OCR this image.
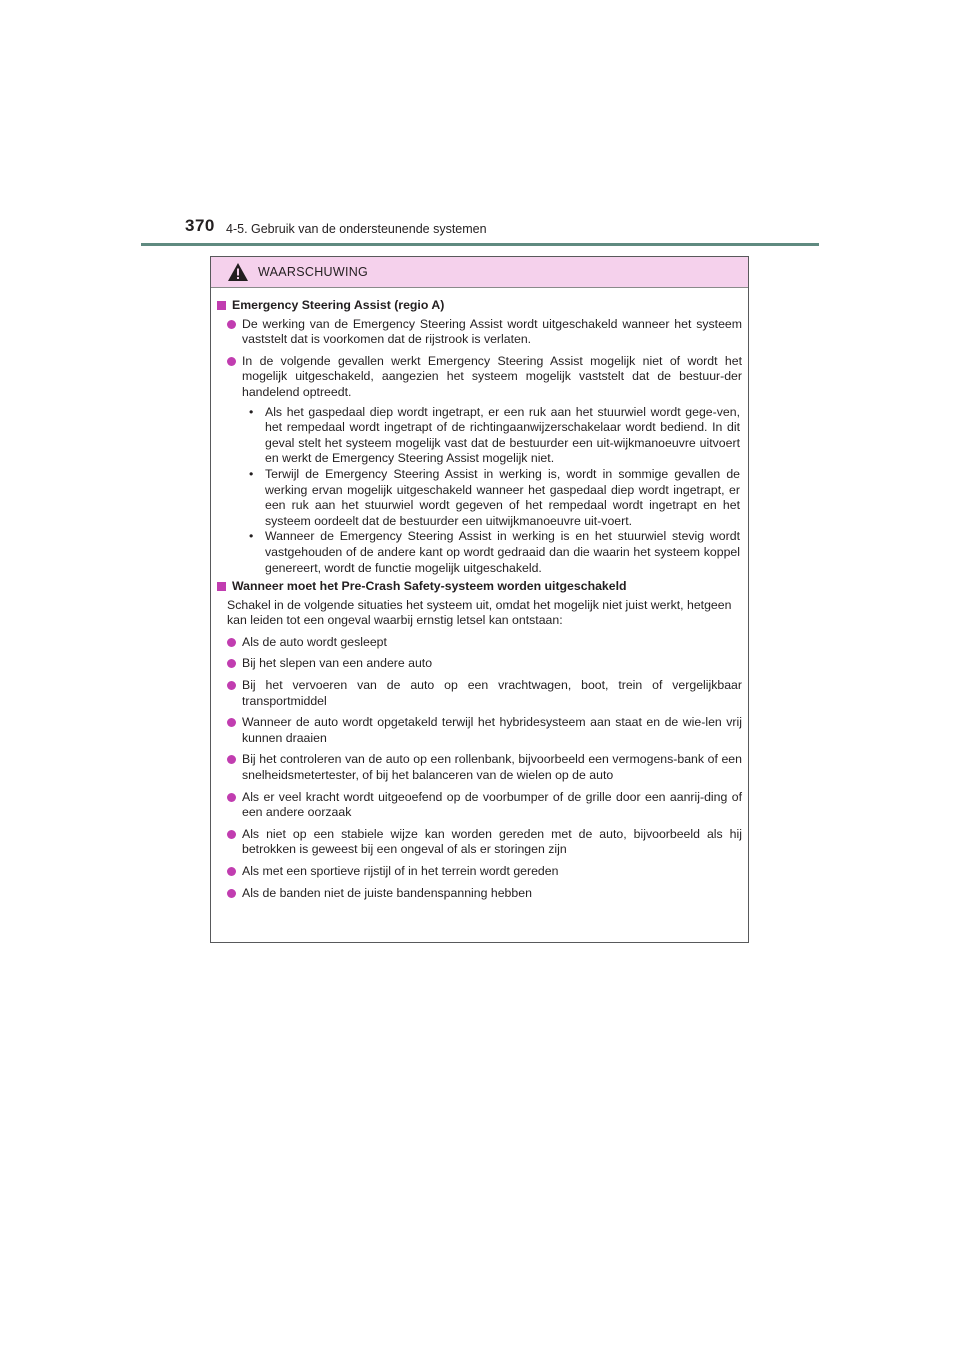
370 4-5. Gebruik van de ondersteunende systemen
WAARSCHUWING
Emergency Steering Assist (regio A)
De werking van de Emergency Steering Assist wordt uitgeschakeld wanneer het systeem vaststelt dat is voorkomen dat de rijstrook is verlaten.
In de volgende gevallen werkt Emergency Steering Assist mogelijk niet of wordt het mogelijk uitgeschakeld, aangezien het systeem mogelijk vaststelt dat de bestuur-der handelend optreedt.
• Als het gaspedaal diep wordt ingetrapt, er een ruk aan het stuurwiel wordt gege-ven, het rempedaal wordt ingetrapt of de richtingaanwijzerschakelaar wordt bediend. In dit geval stelt het systeem mogelijk vast dat de bestuurder een uit-wijkmanoeuvre uitvoert en werkt de Emergency Steering Assist mogelijk niet.
• Terwijl de Emergency Steering Assist in werking is, wordt in sommige gevallen de werking ervan mogelijk uitgeschakeld wanneer het gaspedaal diep wordt ingetrapt, er een ruk aan het stuurwiel wordt gegeven of het rempedaal wordt ingetrapt en het systeem oordeelt dat de bestuurder een uitwijkmanoeuvre uit-voert.
• Wanneer de Emergency Steering Assist in werking is en het stuurwiel stevig wordt vastgehouden of de andere kant op wordt gedraaid dan die waarin het systeem koppel genereert, wordt de functie mogelijk uitgeschakeld.
Wanneer moet het Pre-Crash Safety-systeem worden uitgeschakeld
Schakel in de volgende situaties het systeem uit, omdat het mogelijk niet juist werkt, hetgeen kan leiden tot een ongeval waarbij ernstig letsel kan ontstaan:
Als de auto wordt gesleept
Bij het slepen van een andere auto
Bij het vervoeren van de auto op een vrachtwagen, boot, trein of vergelijkbaar transportmiddel
Wanneer de auto wordt opgetakeld terwijl het hybridesysteem aan staat en de wie-len vrij kunnen draaien
Bij het controleren van de auto op een rollenbank, bijvoorbeeld een vermogens-bank of een snelheidsmetertester, of bij het balanceren van de wielen op de auto
Als er veel kracht wordt uitgeoefend op de voorbumper of de grille door een aanrij-ding of een andere oorzaak
Als niet op een stabiele wijze kan worden gereden met de auto, bijvoorbeeld als hij betrokken is geweest bij een ongeval of als er storingen zijn
Als met een sportieve rijstijl of in het terrein wordt gereden
Als de banden niet de juiste bandenspanning hebben
